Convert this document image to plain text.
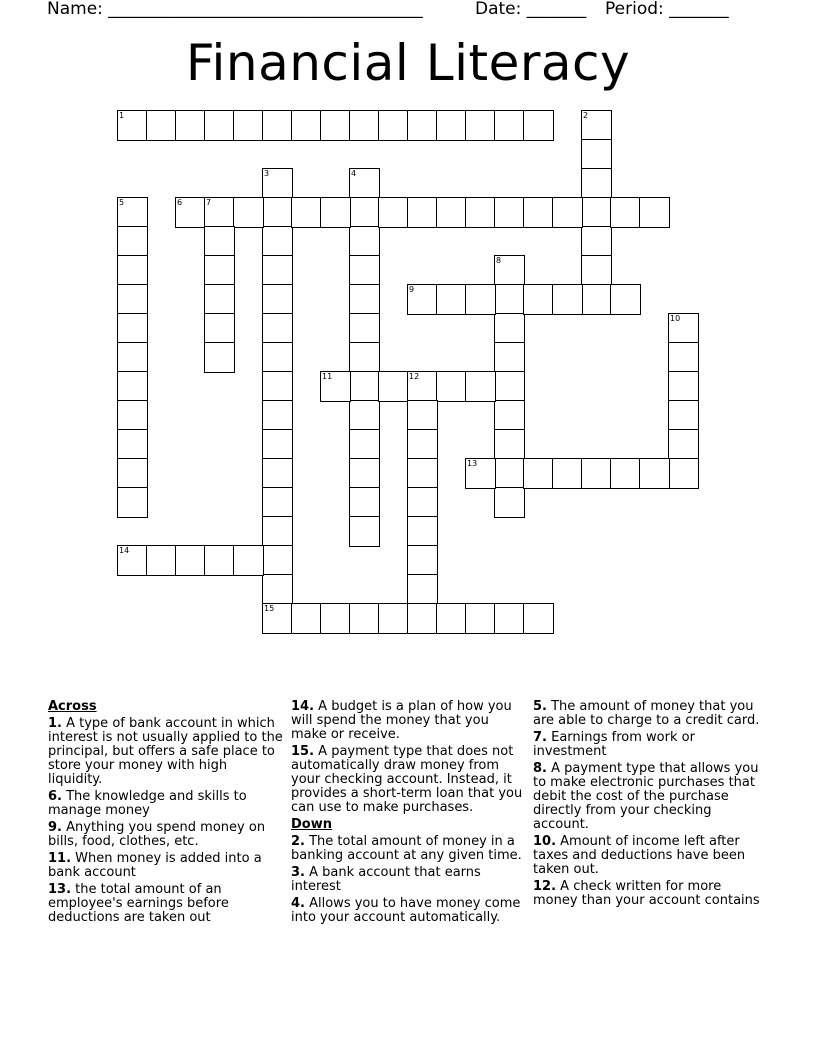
Name: _____________________________________	Date: _______ Period: _______
Financial Literacy
1	2
3	4
5	6	7
8
9
10
11	12
13
14
15
Across
1. A type of bank account in which interest is not usually applied to the principal, but offers a safe place to store your money with high liquidity.
6. The knowledge and skills to manage money
9. Anything you spend money on bills, food, clothes, etc.
11. When money is added into a bank account
13. the total amount of an employee's earnings before deductions are taken out
14. A budget is a plan of how you will spend the money that you make or receive.
15. A payment type that does not automatically draw money from your checking account. Instead, it provides a short-term loan that you can use to make purchases.
Down
2. The total amount of money in a banking account at any given time.
3. A bank account that earns interest
4. Allows you to have money come into your account automatically.
5. The amount of money that you are able to charge to a credit card.
7. Earnings from work or investment
8. A payment type that allows you to make electronic purchases that debit the cost of the purchase directly from your checking account.
10. Amount of income left after taxes and deductions have been taken out.
12. A check written for more money than your account contains
